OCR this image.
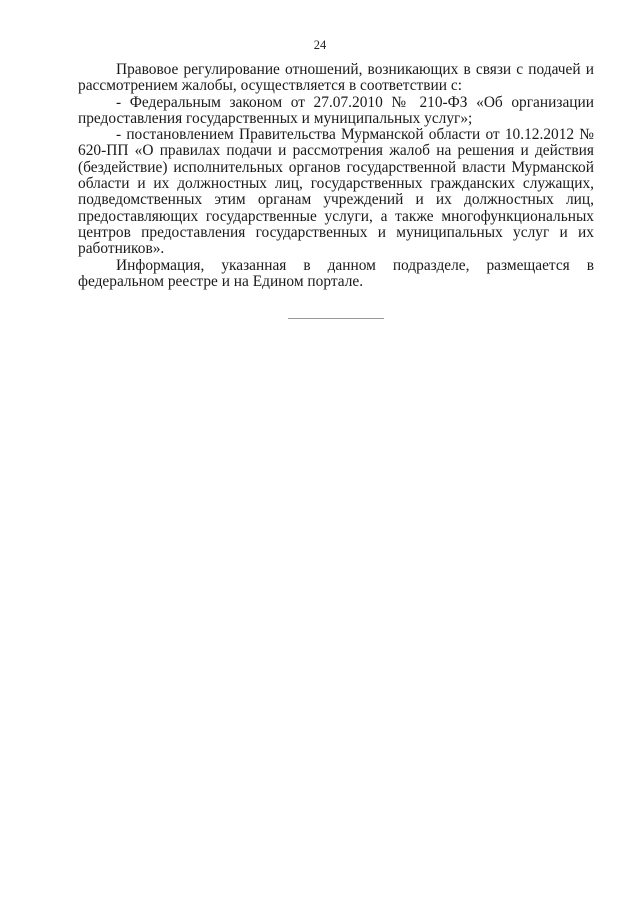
24

Правовое регулирование отношений, возникающих в связи с подачей и рассмотрением жалобы, осуществляется в соответствии с:

- Федеральным законом от 27.07.2010 № 210-ФЗ «Об организации предоставления государственных и муниципальных услуг»;

- постановлением Правительства Мурманской области от 10.12.2012 № 620-ПП «О правилах подачи и рассмотрения жалоб на решения и действия (бездействие) исполнительных органов государственной власти Мурманской области и их должностных лиц, государственных гражданских служащих, подведомственных этим органам учреждений и их должностных лиц, предоставляющих государственные услуги, а также многофункциональных центров предоставления государственных и муниципальных услуг и их работников».

Информация, указанная в данном подразделе, размещается в федеральном реестре и на Едином портале.
